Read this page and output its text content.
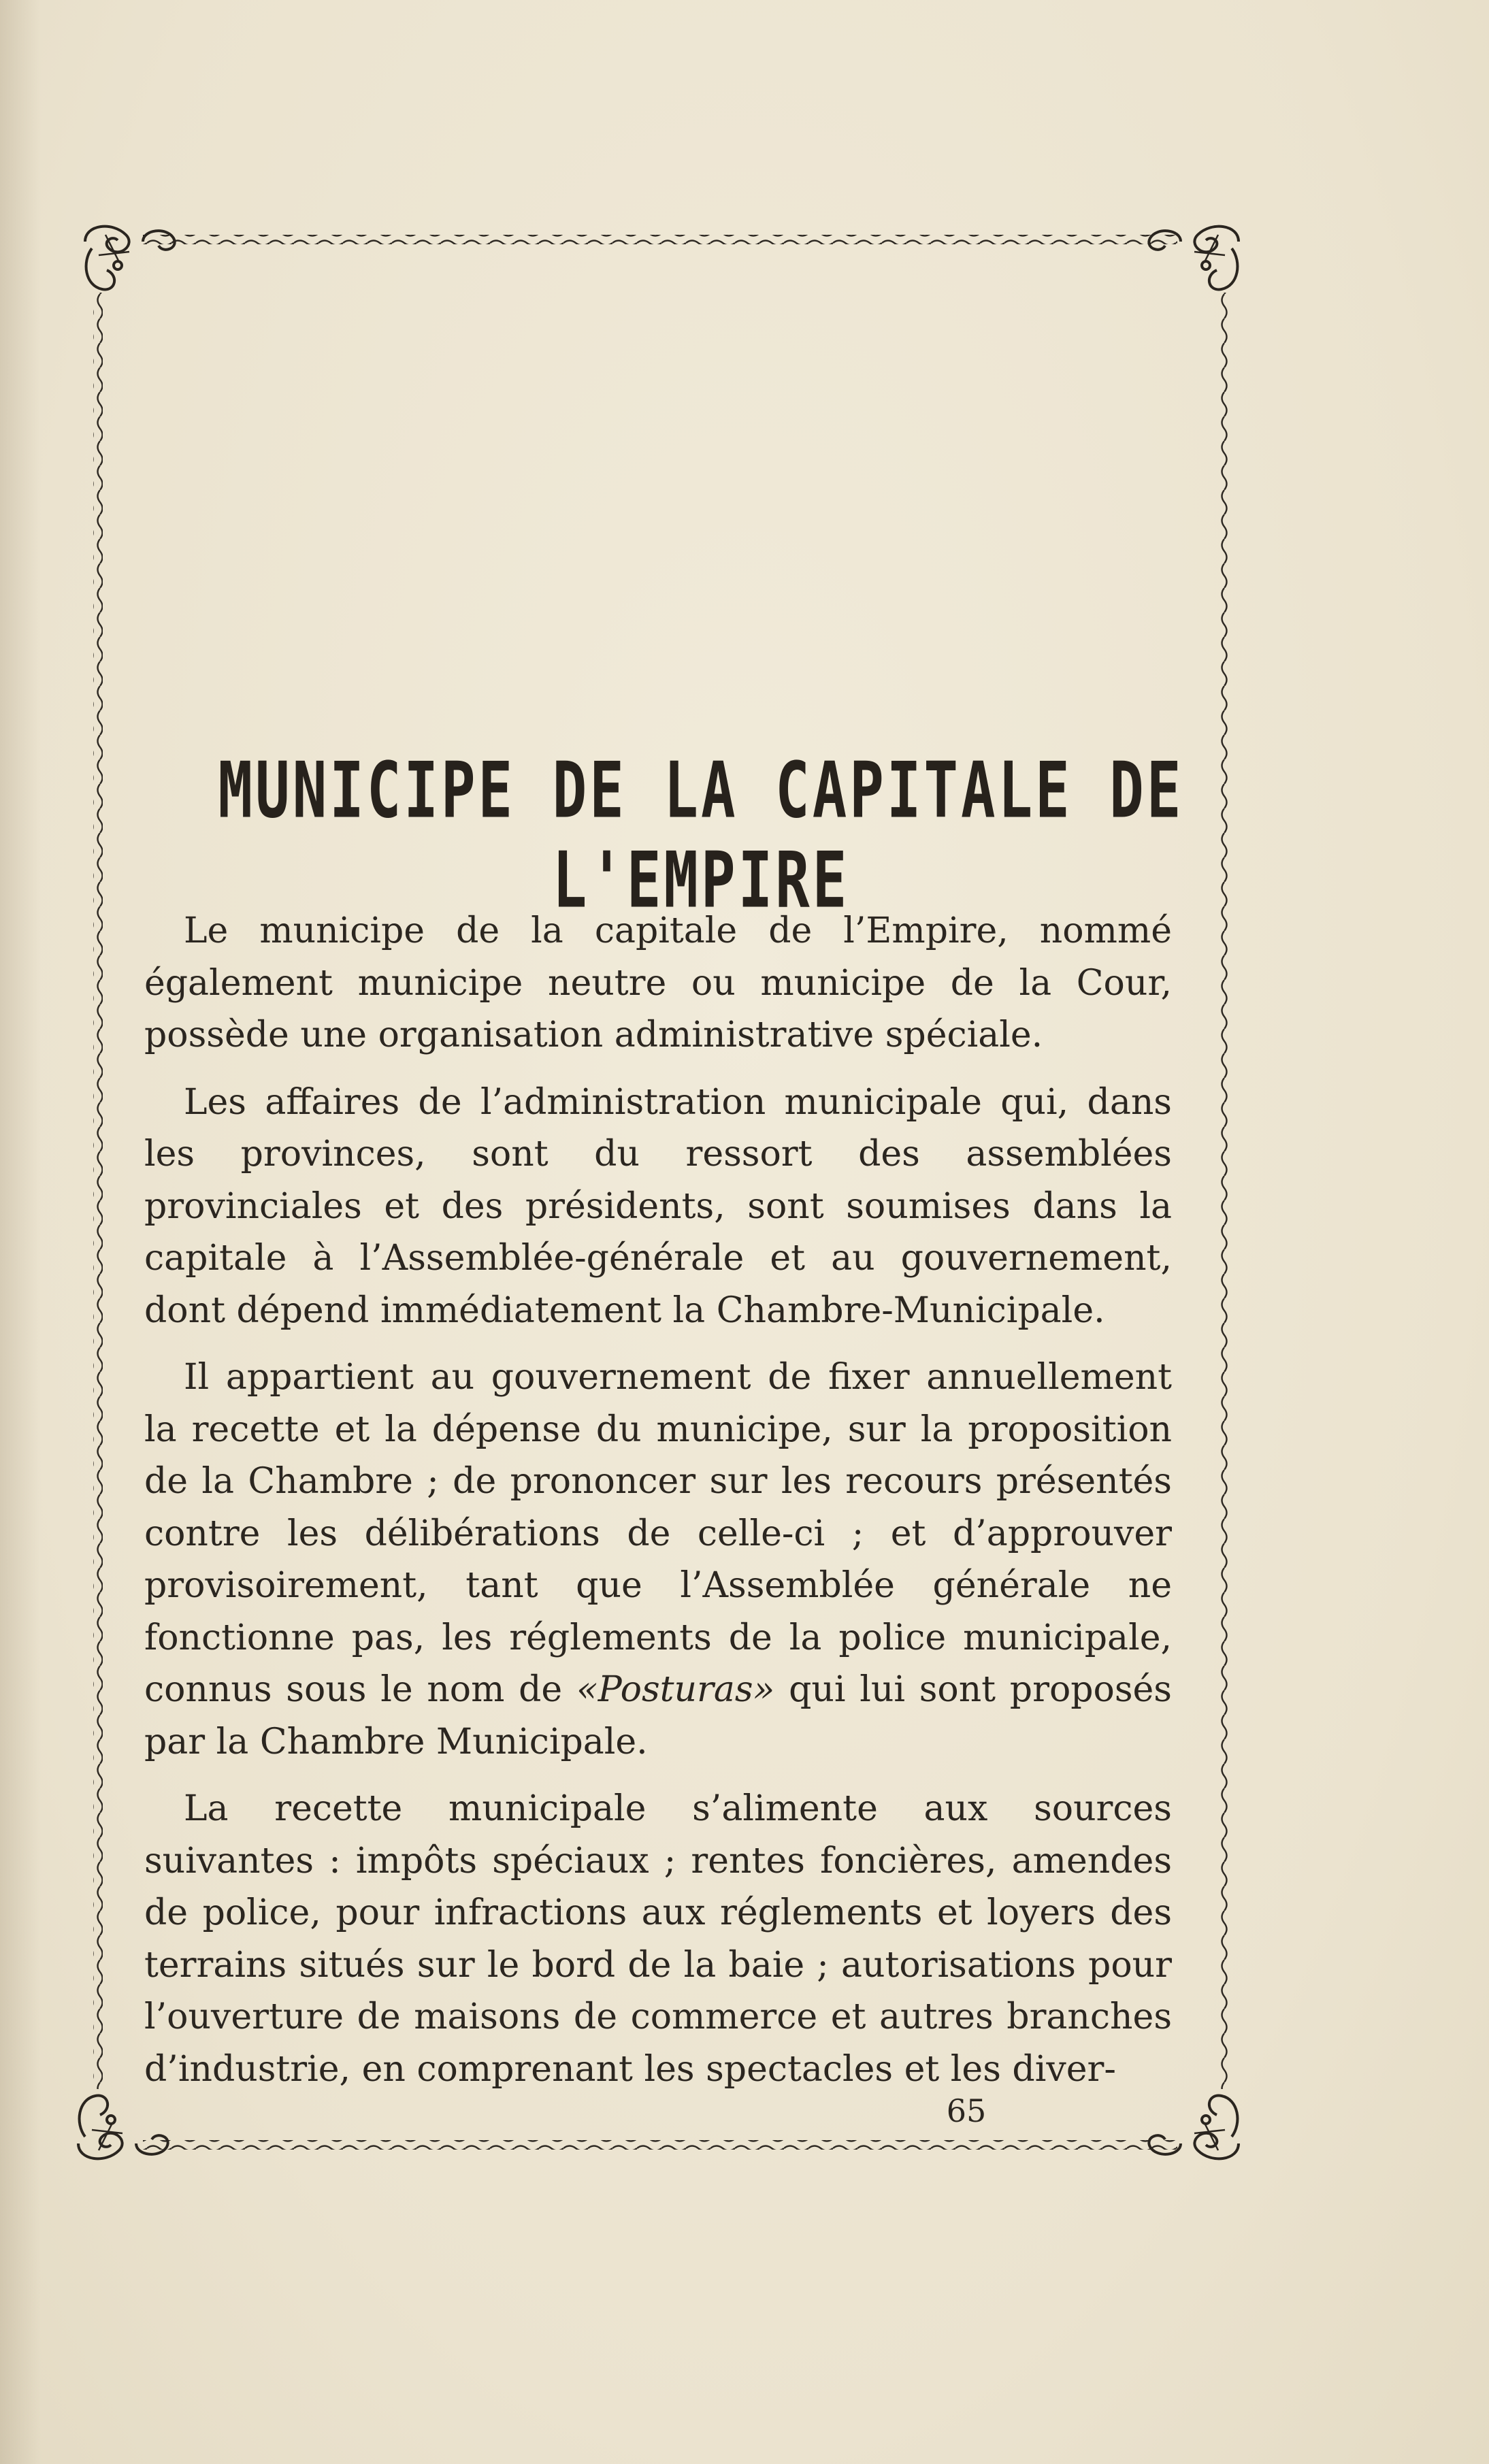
MUNICIPE DE LA CAPITALE DE L'EMPIRE

Le municipe de la capitale de l’Empire, nommé également municipe neutre ou municipe de la Cour, possède une organisation administrative spéciale.

Les affaires de l’administration municipale qui, dans les provinces, sont du ressort des assemblées provinciales et des présidents, sont soumises dans la capitale à l’Assemblée-générale et au gouvernement, dont dépend immédiatement la Chambre-Municipale.

Il appartient au gouvernement de fixer annuellement la recette et la dépense du municipe, sur la proposition de la Chambre ; de prononcer sur les recours présentés contre les délibérations de celle-ci ; et d’approuver provisoirement, tant que l’Assemblée générale ne fonctionne pas, les réglements de la police municipale, connus sous le nom de «Posturas» qui lui sont proposés par la Chambre Municipale.

La recette municipale s’alimente aux sources suivantes : impôts spéciaux ; rentes foncières, amendes de police, pour infractions aux réglements et loyers des terrains situés sur le bord de la baie ; autorisations pour l’ouverture de maisons de commerce et autres branches d’industrie, en comprenant les spectacles et les diver-

65
